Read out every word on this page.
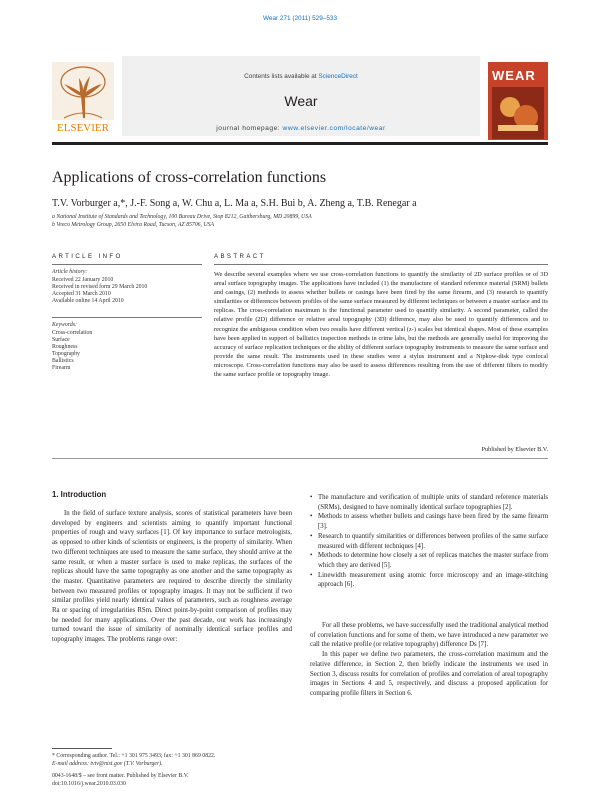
Wear 271 (2011) 529–533
ELSEVIER
Contents lists available at ScienceDirect
Wear
journal homepage: www.elsevier.com/locate/wear
WEAR
Applications of cross-correlation functions
T.V. Vorburger a,*, J.-F. Song a, W. Chu a, L. Ma a, S.H. Bui b, A. Zheng a, T.B. Renegar a
a National Institute of Standards and Technology, 100 Bureau Drive, Stop 8212, Gaithersburg, MD 20899, USA
b Veeco Metrology Group, 2650 Elvira Road, Tucson, AZ 85706, USA
ARTICLE INFO
Article history:
Received 22 January 2010
Received in revised form 29 March 2010
Accepted 31 March 2010
Available online 14 April 2010
Keywords:
Cross-correlation
Surface
Roughness
Topography
Ballistics
Firearm
ABSTRACT
We describe several examples where we use cross-correlation functions to quantify the similarity of 2D surface profiles or of 3D areal surface topography images. The applications have included (1) the manufacture of standard reference material (SRM) bullets and casings, (2) methods to assess whether bullets or casings have been fired by the same firearm, and (3) research to quantify similarities or differences between profiles of the same surface measured by different techniques or between a master surface and its replicas. The cross-correlation maximum is the functional parameter used to quantify similarity. A second parameter, called the relative profile (2D) difference or relative areal topography (3D) difference, may also be used to quantify differences and to recognize the ambiguous condition when two results have different vertical (z-) scales but identical shapes. Most of these examples have been applied in support of ballistics inspection methods in crime labs, but the methods are generally useful for improving the accuracy of surface replication techniques or the ability of different surface topography instruments to measure the same surface and provide the same result. The instruments used in these studies were a stylus instrument and a Nipkow-disk type confocal microscope. Cross-correlation functions may also be used to assess differences resulting from the use of different filters to modify the same surface profile or topography image.
Published by Elsevier B.V.
1. Introduction

In the field of surface texture analysis, scores of statistical parameters have been developed by engineers and scientists aiming to quantify important functional properties of rough and wavy surfaces [1]. Of key importance to surface metrologists, as opposed to other kinds of scientists or engineers, is the property of similarity. When two different techniques are used to measure the same surface, they should arrive at the same result, or when a master surface is used to make replicas, the surfaces of the replicas should have the same topography as one another and the same topography as the master. Quantitative parameters are required to describe directly the similarity between two measured profiles or topography images. It may not be sufficient if two similar profiles yield nearly identical values of parameters, such as roughness average Ra or spacing of irregularities RSm. Direct point-by-point comparison of profiles may be needed for many applications. Over the past decade, our work has increasingly turned toward the issue of similarity of nominally identical surface profiles and topography images. The problems range over:

• The manufacture and verification of multiple units of standard reference materials (SRMs), designed to have nominally identical surface topographies [2].
• Methods to assess whether bullets and casings have been fired by the same firearm [3].
• Research to quantify similarities or differences between profiles of the same surface measured with different techniques [4].
• Methods to determine how closely a set of replicas matches the master surface from which they are derived [5].
• Linewidth measurement using atomic force microscopy and an image-stitching approach [6].

For all these problems, we have successfully used the traditional analytical method of correlation functions and for some of them, we have introduced a new parameter we call the relative profile (or relative topography) difference Ds [7].

In this paper we define two parameters, the cross-correlation maximum and the relative difference, in Section 2, then briefly indicate the instruments we used in Section 3, discuss results for correlation of profiles and correlation of areal topography images in Sections 4 and 5, respectively, and discuss a proposed application for comparing profile filters in Section 6.

* Corresponding author. Tel.: +1 301 975 3493; fax: +1 301 869 0822.
E-mail address: tvtv@nist.gov (T.V. Vorburger).
0043-1648/$ – see front matter. Published by Elsevier B.V.
doi:10.1016/j.wear.2010.03.030
